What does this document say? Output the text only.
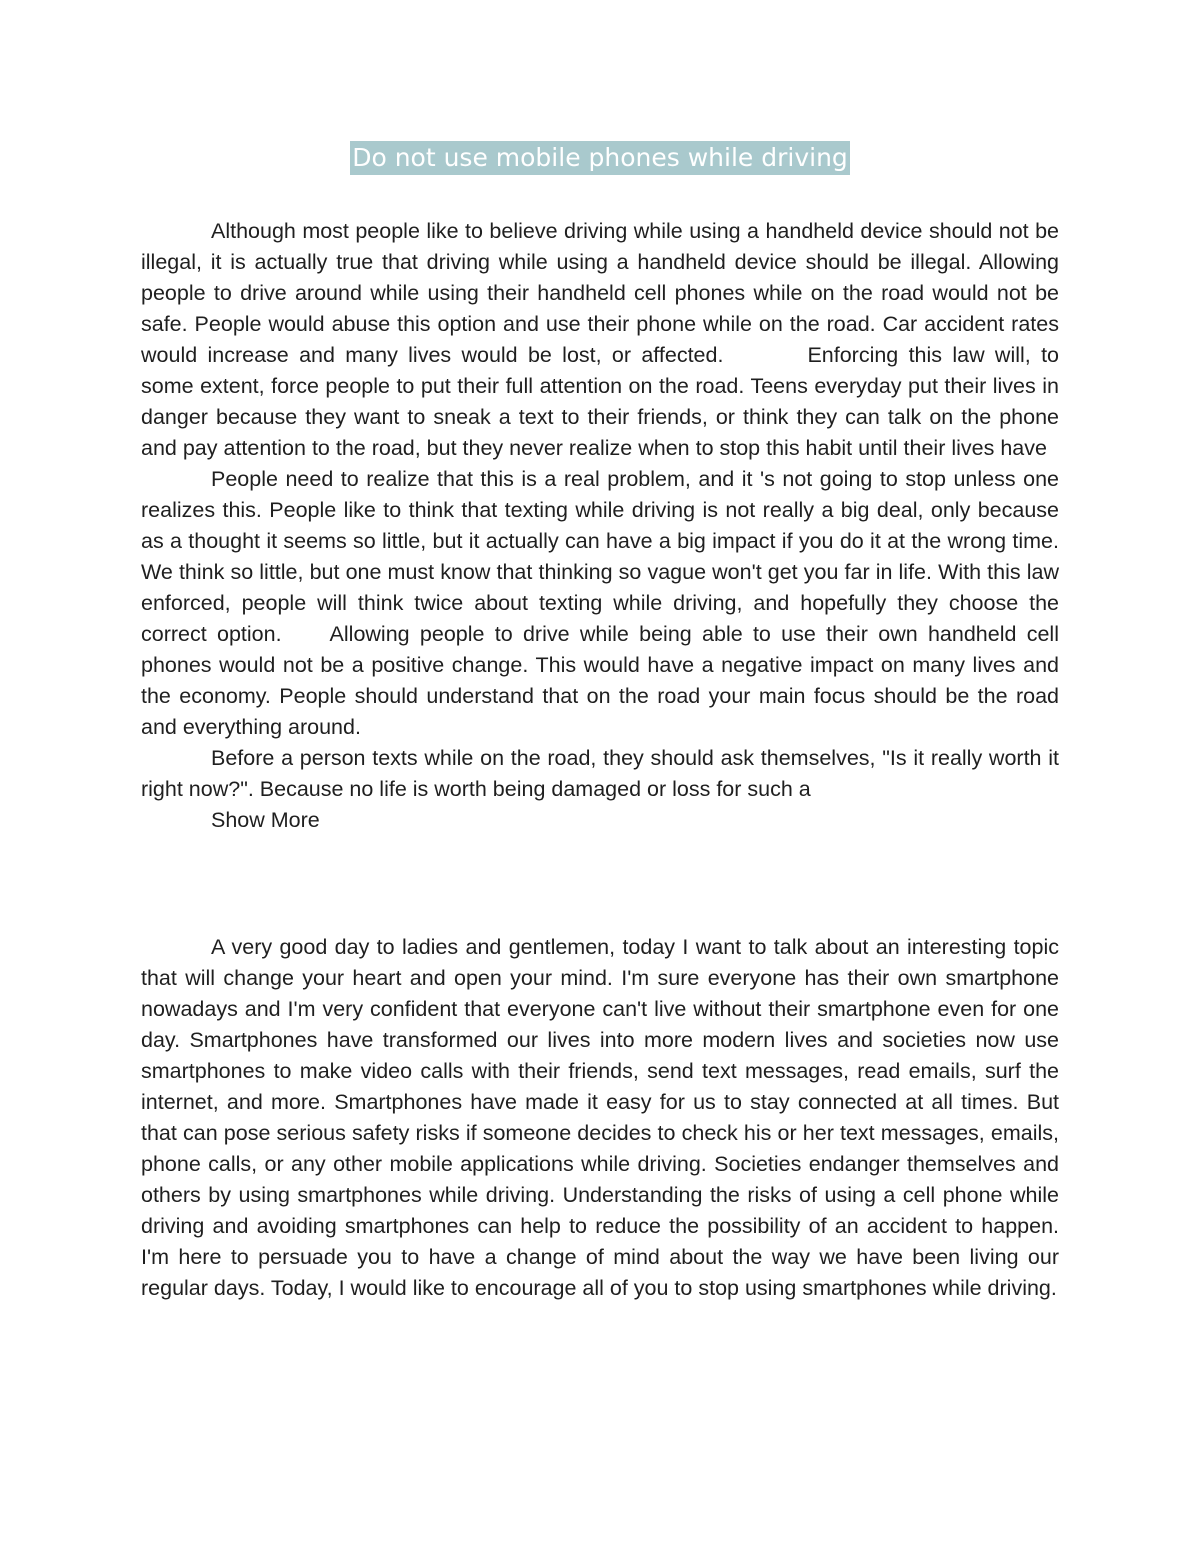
Do not use mobile phones while driving

Although most people like to believe driving while using a handheld device should not be illegal, it is actually true that driving while using a handheld device should be illegal. Allowing people to drive around while using their handheld cell phones while on the road would not be safe. People would abuse this option and use their phone while on the road. Car accident rates would increase and many lives would be lost, or affected.	Enforcing this law will, to some extent, force people to put their full attention on the road. Teens everyday put their lives in danger because they want to sneak a text to their friends, or think they can talk on the phone and pay attention to the road, but they never realize when to stop this habit until their lives have

People need to realize that this is a real problem, and it 's not going to stop unless one realizes this. People like to think that texting while driving is not really a big deal, only because as a thought it seems so little, but it actually can have a big impact if you do it at the wrong time. We think so little, but one must know that thinking so vague won't get you far in life. With this law enforced, people will think twice about texting while driving, and hopefully they choose the correct option. Allowing people to drive while being able to use their own handheld cell phones would not be a positive change. This would have a negative impact on many lives and the economy. People should understand that on the road your main focus should be the road and everything around.

Before a person texts while on the road, they should ask themselves, "Is it really worth it right now?". Because no life is worth being damaged or loss for such a

Show More

A very good day to ladies and gentlemen, today I want to talk about an interesting topic that will change your heart and open your mind. I'm sure everyone has their own smartphone nowadays and I'm very confident that everyone can't live without their smartphone even for one day. Smartphones have transformed our lives into more modern lives and societies now use smartphones to make video calls with their friends, send text messages, read emails, surf the internet, and more. Smartphones have made it easy for us to stay connected at all times. But that can pose serious safety risks if someone decides to check his or her text messages, emails, phone calls, or any other mobile applications while driving. Societies endanger themselves and others by using smartphones while driving. Understanding the risks of using a cell phone while driving and avoiding smartphones can help to reduce the possibility of an accident to happen. I'm here to persuade you to have a change of mind about the way we have been living our regular days. Today, I would like to encourage all of you to stop using smartphones while driving.
